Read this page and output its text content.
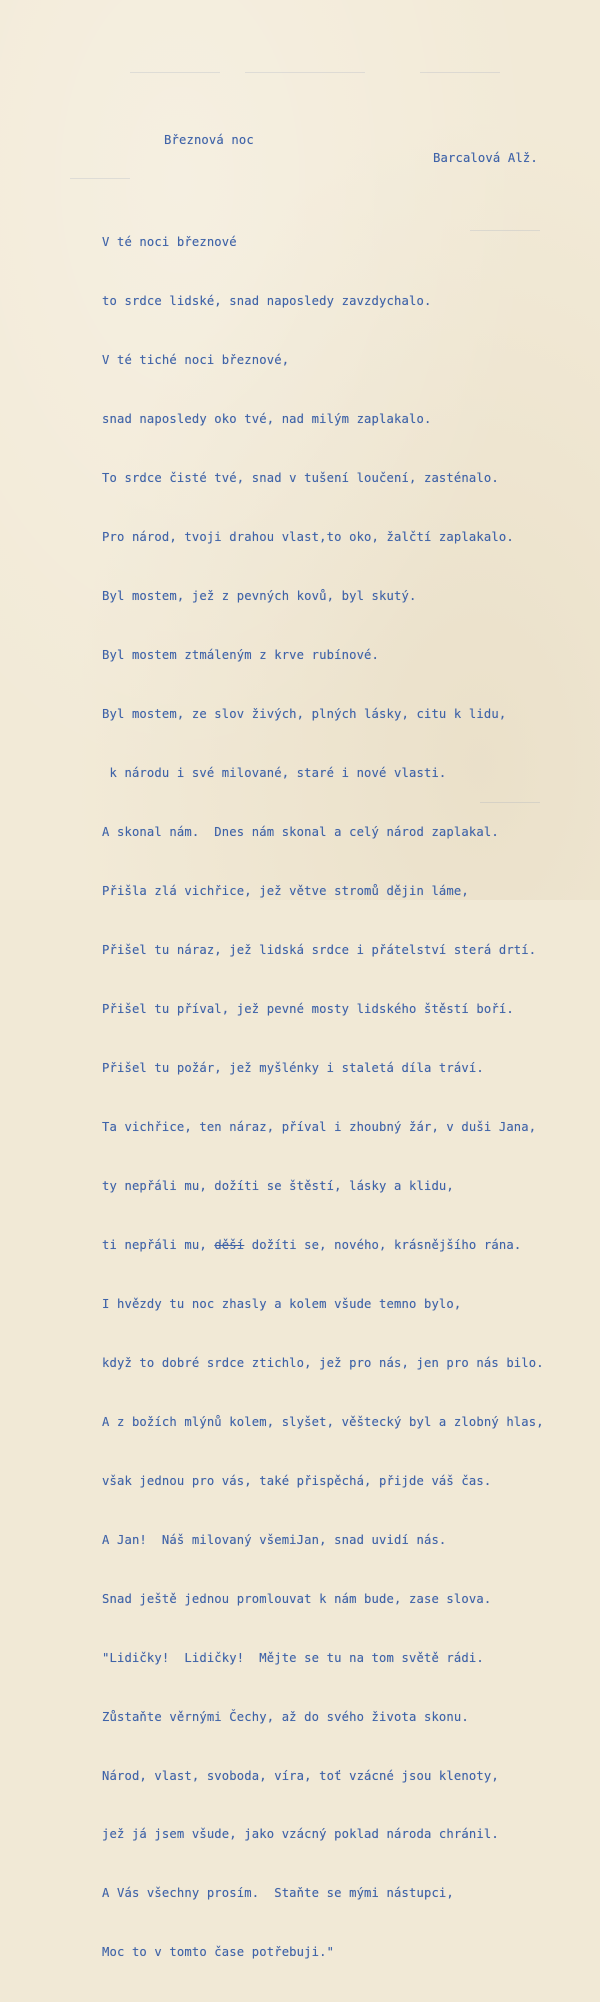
Březnová noc
Barcalová Alž.

V té noci březnové

to srdce lidské, snad naposledy zavzdychalo.

V té tiché noci březnové,

snad naposledy oko tvé, nad milým zaplakalo.

To srdce čisté tvé, snad v tušení loučení, zasténalo.

Pro národ, tvoji drahou vlast,to oko, žalčtí zaplakalo.

Byl mostem, jež z pevných kovů, byl skutý.

Byl mostem ztmáleným z krve rubínové.

Byl mostem, ze slov živých, plných lásky, citu k lidu,

k národu i své milované, staré i nové vlasti.

A skonal nám.  Dnes nám skonal a celý národ zaplakal.

Přišla zlá vichřice, jež větve stromů dějin láme,

Přišel tu náraz, jež lidská srdce i přátelství sterá drtí.

Přišel tu příval, jež pevné mosty lidského štěstí boří.

Přišel tu požár, jež myšlénky i staletá díla tráví.

Ta vichřice, ten náraz, příval i zhoubný žár, v duši Jana,

ty nepřáli mu, dožíti se štěstí, lásky a klidu,

ti nepřáli mu, děší dožíti se, nového, krásnějšího rána.

I hvězdy tu noc zhasly a kolem všude temno bylo,

když to dobré srdce ztichlo, jež pro nás, jen pro nás bilo.

A z božích mlýnů kolem, slyšet, věštecký byl a zlobný hlas,

však jednou pro vás, také přispěchá, přijde váš čas.

A Jan!  Náš milovaný všemiJan, snad uvidí nás.

Snad ještě jednou promlouvat k nám bude, zase slova.

"Lidičky!  Lidičky!  Mějte se tu na tom světě rádi.

Zůstaňte věrnými Čechy, až do svého života skonu.

Národ, vlast, svoboda, víra, toť vzácné jsou klenoty,

jež já jsem všude, jako vzácný poklad národa chránil.

A Vás všechny prosím.  Staňte se mými nástupci,

Moc to v tomto čase potřebuji."
